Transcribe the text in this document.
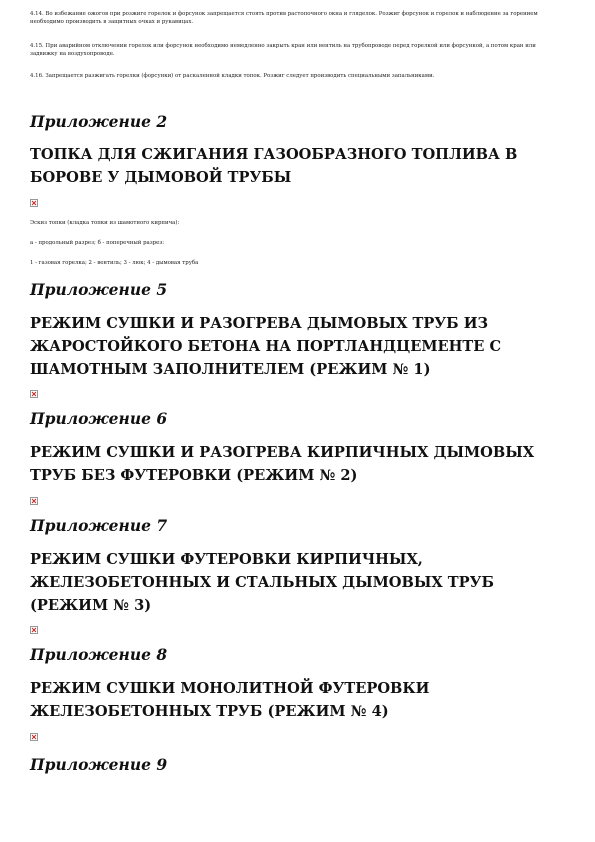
4.14. Во избежание ожогов при розжиге горелок и форсунок запрещается стоять против растопочного окна и гляделок. Розжиг форсунок и горелок и наблюдение за горением необходимо производить в защитных очках и рукавицах.

4.15. При аварийном отключении горелок или форсунок необходимо немедленно закрыть кран или вентиль на трубопроводе перед горелкой или форсункой, а потом кран или задвижку на воздухопроводе.

4.16. Запрещается разжигать горелки (форсунки) от раскаленной кладки топок. Розжиг следует производить специальными запальниками.

Приложение 2
ТОПКА ДЛЯ СЖИГАНИЯ ГАЗООБРАЗНОГО ТОПЛИВА В БОРОВЕ У ДЫМОВОЙ ТРУБЫ

Эскиз топки (кладка топки из шамотного кирпича):

а - продольный разрез; б - поперечный разрез:

1 - газовая горелка; 2 - вентиль; 3 - люк; 4 - дымовая труба

Приложение 5
РЕЖИМ СУШКИ И РАЗОГРЕВА ДЫМОВЫХ ТРУБ ИЗ ЖАРОСТОЙКОГО БЕТОНА НА ПОРТЛАНДЦЕМЕНТЕ С ШАМОТНЫМ ЗАПОЛНИТЕЛЕМ (РЕЖИМ № 1)
Приложение 6
РЕЖИМ СУШКИ И РАЗОГРЕВА КИРПИЧНЫХ ДЫМОВЫХ ТРУБ БЕЗ ФУТЕРОВКИ (РЕЖИМ № 2)
Приложение 7
РЕЖИМ СУШКИ ФУТЕРОВКИ КИРПИЧНЫХ, ЖЕЛЕЗОБЕТОННЫХ И СТАЛЬНЫХ ДЫМОВЫХ ТРУБ (РЕЖИМ № 3)
Приложение 8
РЕЖИМ СУШКИ МОНОЛИТНОЙ ФУТЕРОВКИ ЖЕЛЕЗОБЕТОННЫХ ТРУБ (РЕЖИМ № 4)
Приложение 9
